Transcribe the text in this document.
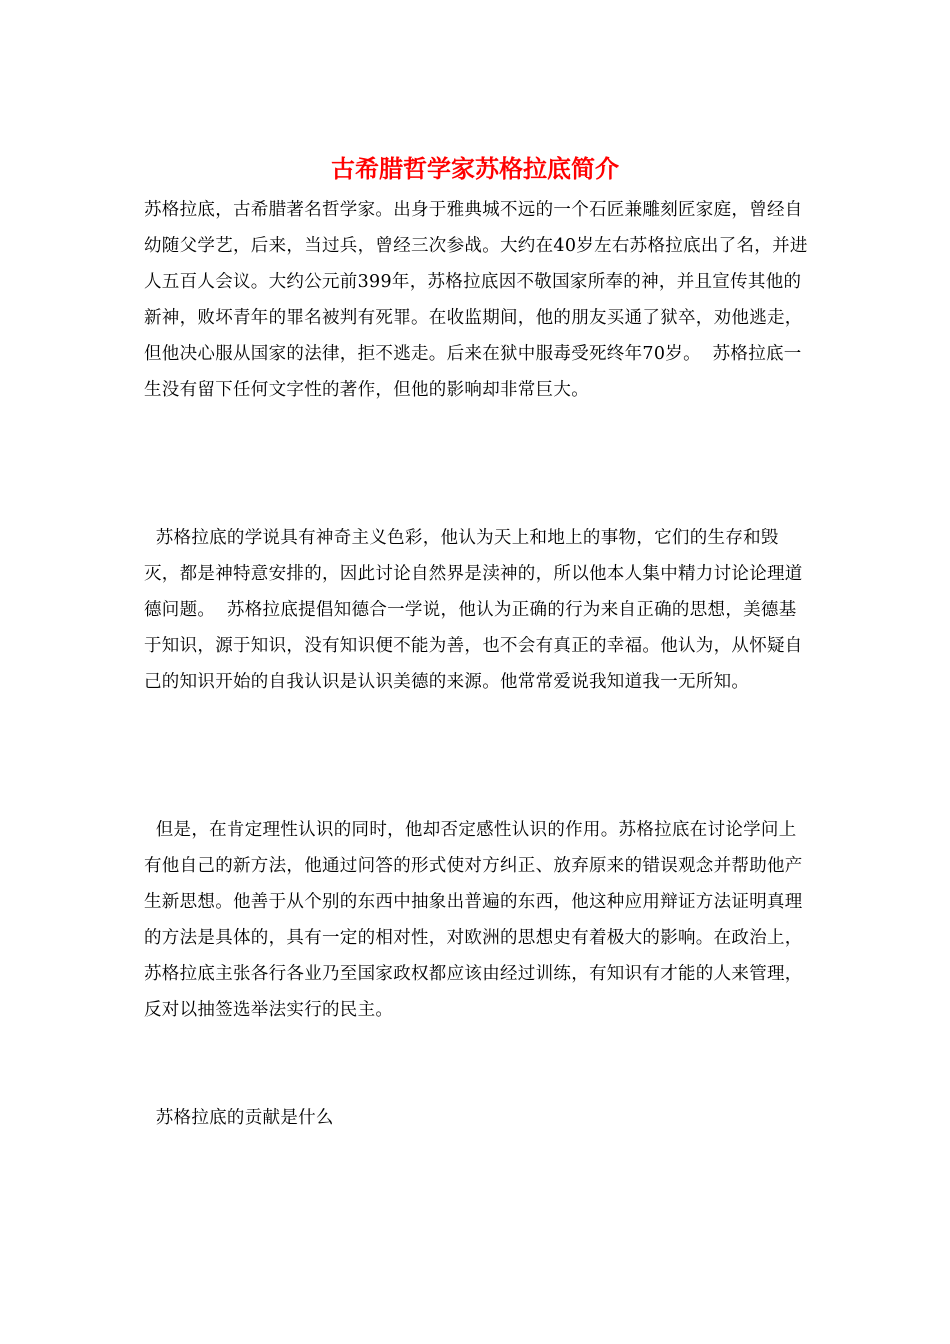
古希腊哲学家苏格拉底简介

苏格拉底，古希腊著名哲学家。出身于雅典城不远的一个石匠兼雕刻匠家庭，曾经自幼随父学艺，后来，当过兵，曾经三次参战。大约在40岁左右苏格拉底出了名，并进人五百人会议。大约公元前399年，苏格拉底因不敬国家所奉的神，并且宣传其他的新神，败坏青年的罪名被判有死罪。在收监期间，他的朋友买通了狱卒，劝他逃走，但他决心服从国家的法律，拒不逃走。后来在狱中服毒受死终年70岁。  苏格拉底一生没有留下任何文字性的著作，但他的影响却非常巨大。

苏格拉底的学说具有神奇主义色彩，他认为天上和地上的事物，它们的生存和毁灭，都是神特意安排的，因此讨论自然界是渎神的，所以他本人集中精力讨论论理道德问题。  苏格拉底提倡知德合一学说，他认为正确的行为来自正确的思想，美德基于知识，源于知识，没有知识便不能为善，也不会有真正的幸福。他认为，从怀疑自己的知识开始的自我认识是认识美德的来源。他常常爱说我知道我一无所知。

但是，在肯定理性认识的同时，他却否定感性认识的作用。苏格拉底在讨论学问上有他自己的新方法，他通过问答的形式使对方纠正、放弃原来的错误观念并帮助他产生新思想。他善于从个别的东西中抽象出普遍的东西，他这种应用辩证方法证明真理的方法是具体的，具有一定的相对性，对欧洲的思想史有着极大的影响。在政治上，苏格拉底主张各行各业乃至国家政权都应该由经过训练，有知识有才能的人来管理，反对以抽签选举法实行的民主。

苏格拉底的贡献是什么
